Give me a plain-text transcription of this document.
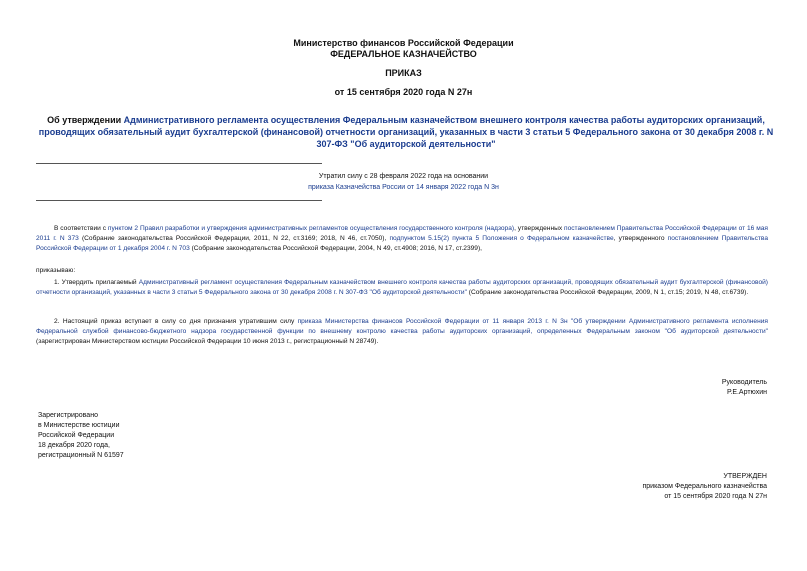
Министерство финансов Российской Федерации
ФЕДЕРАЛЬНОЕ КАЗНАЧЕЙСТВО
ПРИКАЗ
от 15 сентября 2020 года N 27н
Об утверждении Административного регламента осуществления Федеральным казначейством внешнего контроля качества работы аудиторских организаций, проводящих обязательный аудит бухгалтерской (финансовой) отчетности организаций, указанных в части 3 статьи 5 Федерального закона от 30 декабря 2008 г. N 307-ФЗ "Об аудиторской деятельности"
Утратил силу с 28 февраля 2022 года на основании
приказа Казначейства России от 14 января 2022 года N 3н
В соответствии с пунктом 2 Правил разработки и утверждения административных регламентов осуществления государственного контроля (надзора), утвержденных постановлением Правительства Российской Федерации от 16 мая 2011 г. N 373 (Собрание законодательства Российской Федерации, 2011, N 22, ст.3169; 2018, N 46, ст.7050), подпунктом 5.15(2) пункта 5 Положения о Федеральном казначействе, утвержденного постановлением Правительства Российской Федерации от 1 декабря 2004 г. N 703 (Собрание законодательства Российской Федерации, 2004, N 49, ст.4908; 2016, N 17, ст.2399),
приказываю:
1. Утвердить прилагаемый Административный регламент осуществления Федеральным казначейством внешнего контроля качества работы аудиторских организаций, проводящих обязательный аудит бухгалтерской (финансовой) отчетности организаций, указанных в части 3 статьи 5 Федерального закона от 30 декабря 2008 г. N 307-ФЗ "Об аудиторской деятельности" (Собрание законодательства Российской Федерации, 2009, N 1, ст.15; 2019, N 48, ст.6739).
2. Настоящий приказ вступает в силу со дня признания утратившим силу приказа Министерства финансов Российской Федерации от 11 января 2013 г. N 3н "Об утверждении Административного регламента исполнения Федеральной службой финансово-бюджетного надзора государственной функции по внешнему контролю качества работы аудиторских организаций, определенных Федеральным законом "Об аудиторской деятельности" (зарегистрирован Министерством юстиции Российской Федерации 10 июня 2013 г., регистрационный N 28749).
Руководитель
Р.Е.Артюхин
Зарегистрировано
в Министерстве юстиции
Российской Федерации
18 декабря 2020 года,
регистрационный N 61597
УТВЕРЖДЕН
приказом Федерального казначейства
от 15 сентября 2020 года N 27н
